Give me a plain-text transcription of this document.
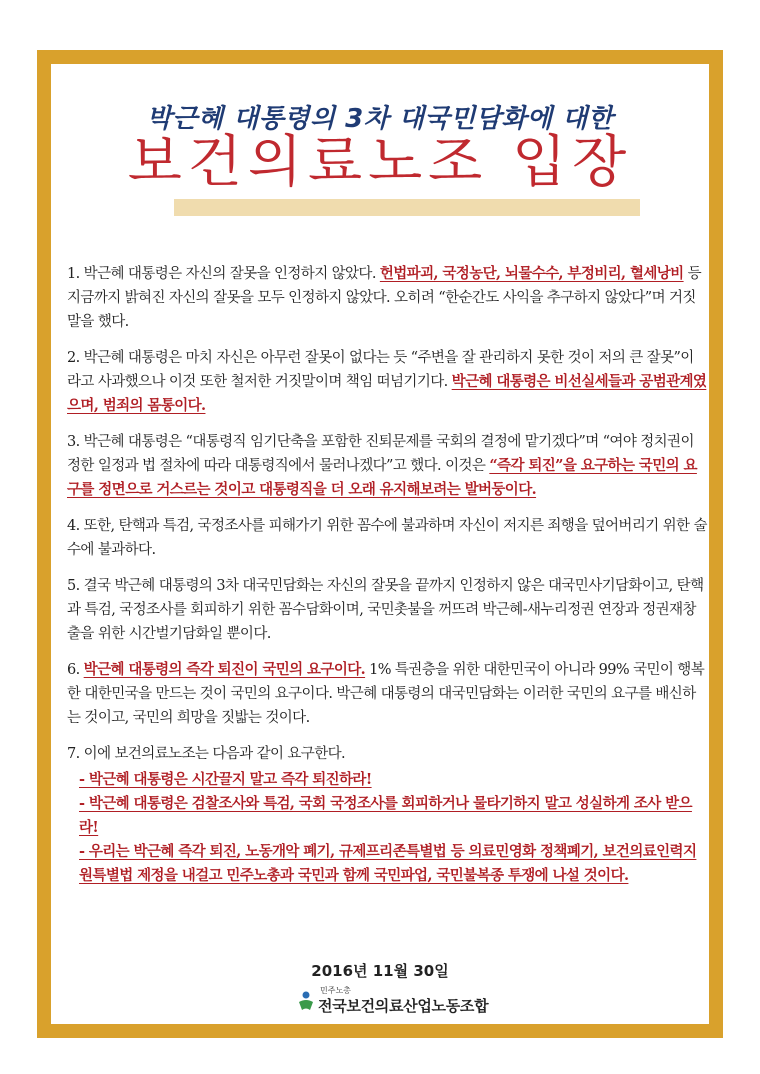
박근혜 대통령의 3차 대국민담화에 대한
보건의료노조 입장
1. 박근혜 대통령은 자신의 잘못을 인정하지 않았다. 헌법파괴, 국정농단, 뇌물수수, 부정비리, 혈세낭비 등 지금까지 밝혀진 자신의 잘못을 모두 인정하지 않았다. 오히려 “한순간도 사익을 추구하지 않았다”며 거짓말을 했다.
2. 박근혜 대통령은 마치 자신은 아무런 잘못이 없다는 듯 “주변을 잘 관리하지 못한 것이 저의 큰 잘못”이라고 사과했으나 이것 또한 철저한 거짓말이며 책임 떠넘기기다. 박근혜 대통령은 비선실세들과 공범관계였으며, 범죄의 몸통이다.
3. 박근혜 대통령은 “대통령직 임기단축을 포함한 진퇴문제를 국회의 결정에 맡기겠다”며 “여야 정치권이 정한 일정과 법 절차에 따라 대통령직에서 물러나겠다”고 했다. 이것은 “즉각 퇴진”을 요구하는 국민의 요구를 정면으로 거스르는 것이고 대통령직을 더 오래 유지해보려는 발버둥이다.
4. 또한, 탄핵과 특검, 국정조사를 피해가기 위한 꼼수에 불과하며 자신이 저지른 죄행을 덮어버리기 위한 술수에 불과하다.
5. 결국 박근혜 대통령의 3차 대국민담화는 자신의 잘못을 끝까지 인정하지 않은 대국민사기담화이고, 탄핵과 특검, 국정조사를 회피하기 위한 꼼수담화이며, 국민촛불을 꺼뜨려 박근혜-새누리정권 연장과 정권재창출을 위한 시간벌기담화일 뿐이다.
6. 박근혜 대통령의 즉각 퇴진이 국민의 요구이다. 1% 특권층을 위한 대한민국이 아니라 99% 국민이 행복한 대한민국을 만드는 것이 국민의 요구이다. 박근혜 대통령의 대국민담화는 이러한 국민의 요구를 배신하는 것이고, 국민의 희망을 짓밟는 것이다.
7. 이에 보건의료노조는 다음과 같이 요구한다.
- 박근혜 대통령은 시간끌지 말고 즉각 퇴진하라!
- 박근혜 대통령은 검찰조사와 특검, 국회 국정조사를 회피하거나 물타기하지 말고 성실하게 조사 받으라!
- 우리는 박근혜 즉각 퇴진, 노동개악 폐기, 규제프리존특별법 등 의료민영화 정책폐기, 보건의료인력지원특별법 제정을 내걸고 민주노총과 국민과 함께 국민파업, 국민불복종 투쟁에 나설 것이다.
2016년 11월 30일
민주노총
전국보건의료산업노동조합
